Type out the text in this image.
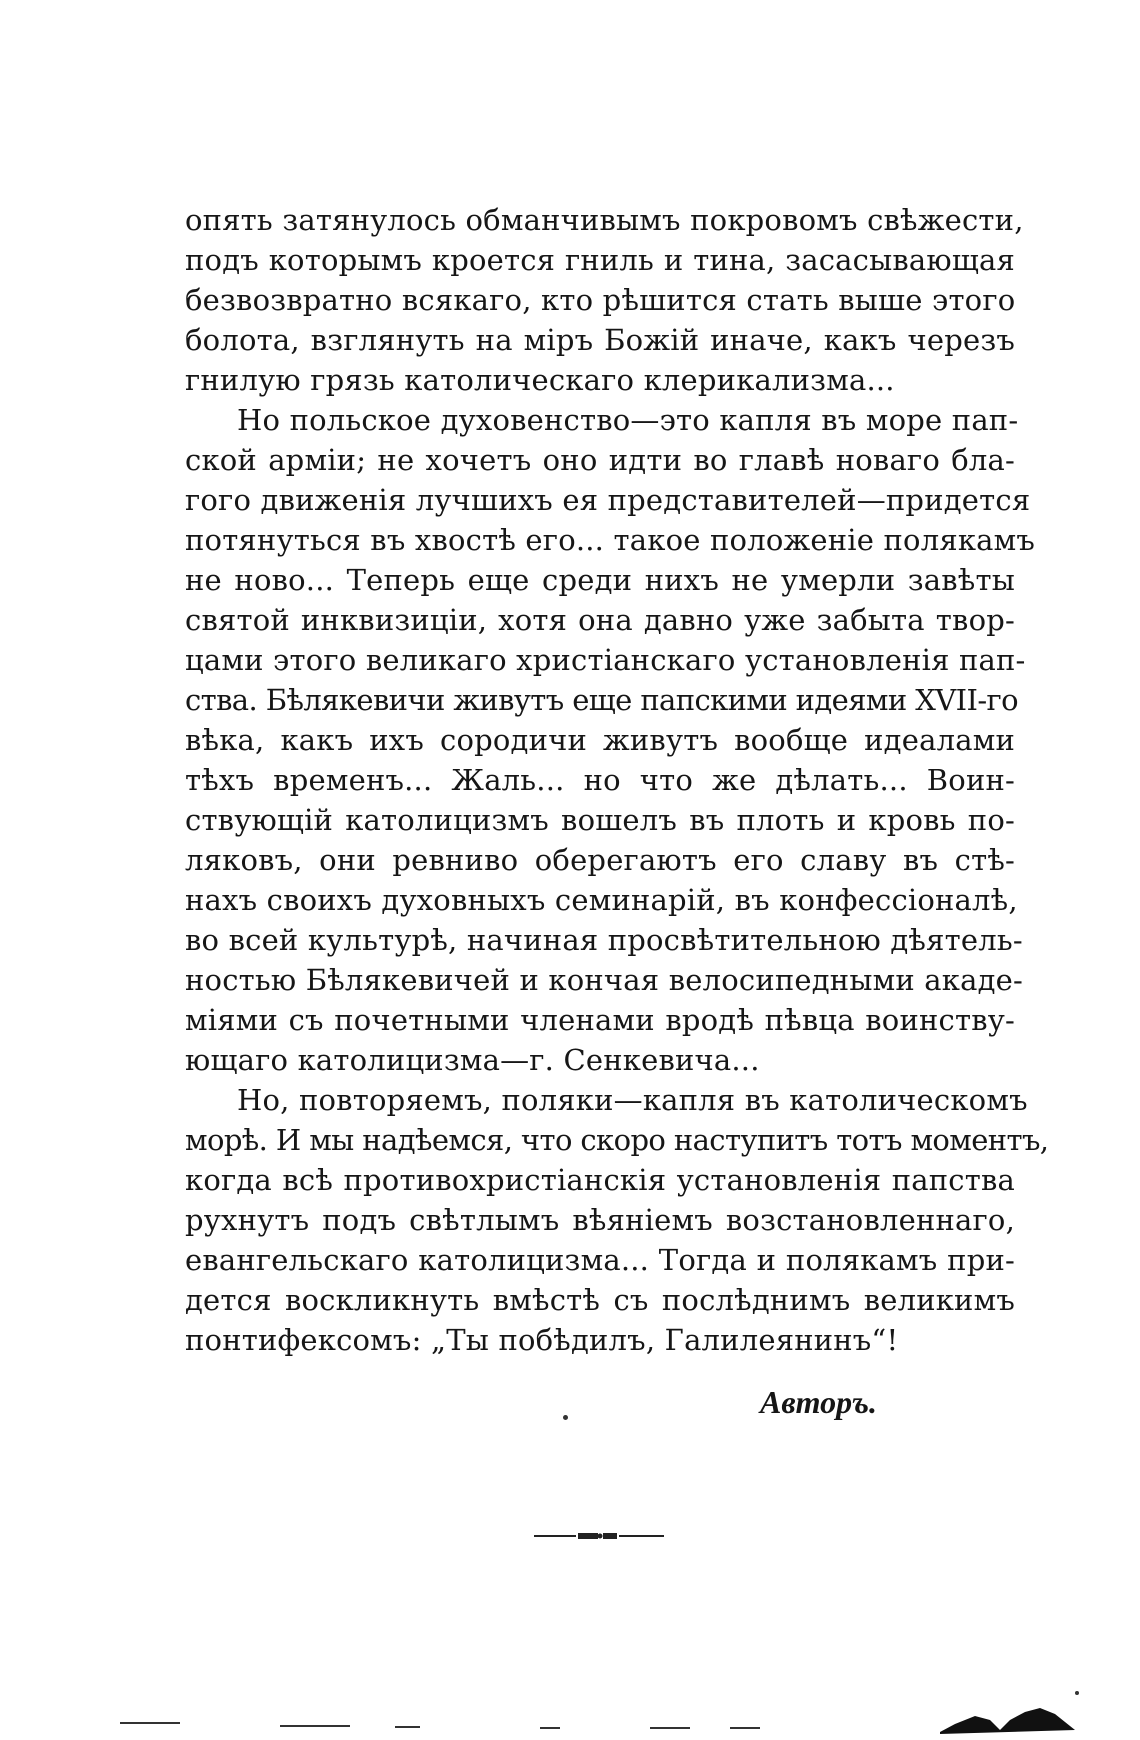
опять затянулось обманчивымъ покровомъ свѣжести,
подъ которымъ кроется гниль и тина, засасывающая
безвозвратно всякаго, кто рѣшится стать выше этого
болота, взглянуть на міръ Божій иначе, какъ черезъ
гнилую грязь католическаго клерикализма...
Но польское духовенство—это капля въ море пап-
ской арміи; не хочетъ оно идти во главѣ новаго бла-
гого движенія лучшихъ ея представителей—придется
потянуться въ хвостѣ его... такое положеніе полякамъ
не ново... Теперь еще среди нихъ не умерли завѣты
святой инквизиціи, хотя она давно уже забыта твор-
цами этого великаго христіанскаго установленія пап-
ства. Бѣлякевичи живутъ еще папскими идеями XVII-го
вѣка, какъ ихъ сородичи живутъ вообще идеалами
тѣхъ временъ... Жаль... но что же дѣлать... Воин-
ствующій католицизмъ вошелъ въ плоть и кровь по-
ляковъ, они ревниво оберегаютъ его славу въ стѣ-
нахъ своихъ духовныхъ семинарій, въ конфессіоналѣ,
во всей культурѣ, начиная просвѣтительною дѣятель-
ностью Бѣлякевичей и кончая велосипедными акаде-
міями съ почетными членами вродѣ пѣвца воинству-
ющаго католицизма—г. Сенкевича...
Но, повторяемъ, поляки—капля въ католическомъ
морѣ. И мы надѣемся, что скоро наступитъ тотъ моментъ,
когда всѣ противохристіанскія установленія папства
рухнутъ подъ свѣтлымъ вѣяніемъ возстановленнаго,
евангельскаго католицизма... Тогда и полякамъ при-
дется воскликнуть вмѣстѣ съ послѣднимъ великимъ
понтифексомъ: „Ты побѣдилъ, Галилеянинъ“!
Авторъ.
